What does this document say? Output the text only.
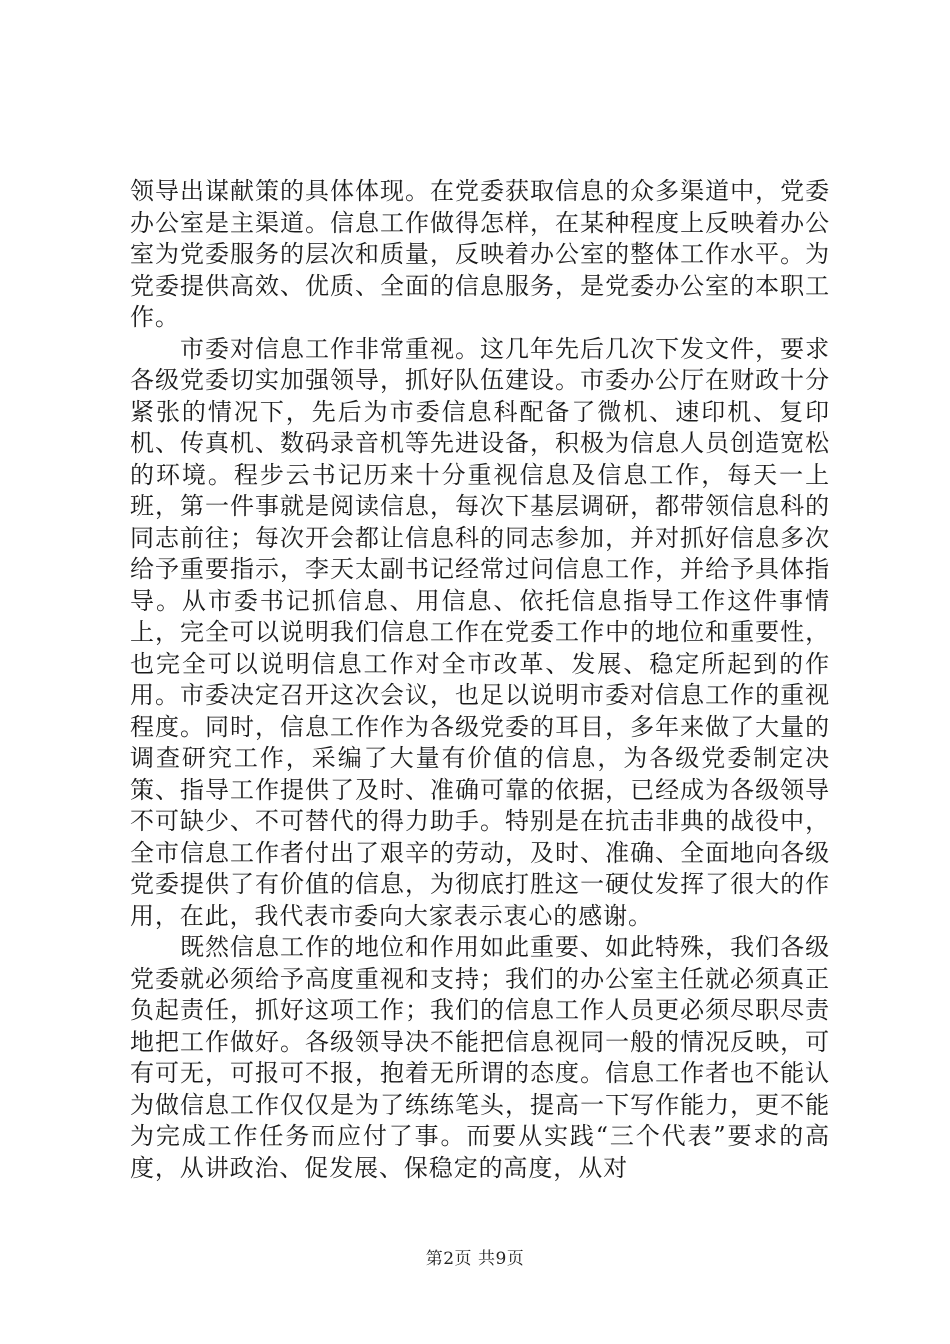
领导出谋献策的具体体现。在党委获取信息的众多渠道中，党委办公室是主渠道。信息工作做得怎样，在某种程度上反映着办公室为党委服务的层次和质量，反映着办公室的整体工作水平。为党委提供高效、优质、全面的信息服务，是党委办公室的本职工作。

市委对信息工作非常重视。这几年先后几次下发文件，要求各级党委切实加强领导，抓好队伍建设。市委办公厅在财政十分紧张的情况下，先后为市委信息科配备了微机、速印机、复印机、传真机、数码录音机等先进设备，积极为信息人员创造宽松的环境。程步云书记历来十分重视信息及信息工作，每天一上班，第一件事就是阅读信息，每次下基层调研，都带领信息科的同志前往；每次开会都让信息科的同志参加，并对抓好信息多次给予重要指示，李天太副书记经常过问信息工作，并给予具体指导。从市委书记抓信息、用信息、依托信息指导工作这件事情上，完全可以说明我们信息工作在党委工作中的地位和重要性，也完全可以说明信息工作对全市改革、发展、稳定所起到的作用。市委决定召开这次会议，也足以说明市委对信息工作的重视程度。同时，信息工作作为各级党委的耳目，多年来做了大量的调查研究工作，采编了大量有价值的信息，为各级党委制定决策、指导工作提供了及时、准确可靠的依据，已经成为各级领导不可缺少、不可替代的得力助手。特别是在抗击非典的战役中，全市信息工作者付出了艰辛的劳动，及时、准确、全面地向各级党委提供了有价值的信息，为彻底打胜这一硬仗发挥了很大的作用，在此，我代表市委向大家表示衷心的感谢。

既然信息工作的地位和作用如此重要、如此特殊，我们各级党委就必须给予高度重视和支持；我们的办公室主任就必须真正负起责任，抓好这项工作；我们的信息工作人员更必须尽职尽责地把工作做好。各级领导决不能把信息视同一般的情况反映，可有可无，可报可不报，抱着无所谓的态度。信息工作者也不能认为做信息工作仅仅是为了练练笔头，提高一下写作能力，更不能为完成工作任务而应付了事。而要从实践“三个代表”要求的高度，从讲政治、促发展、保稳定的高度，从对

第2页 共9页
